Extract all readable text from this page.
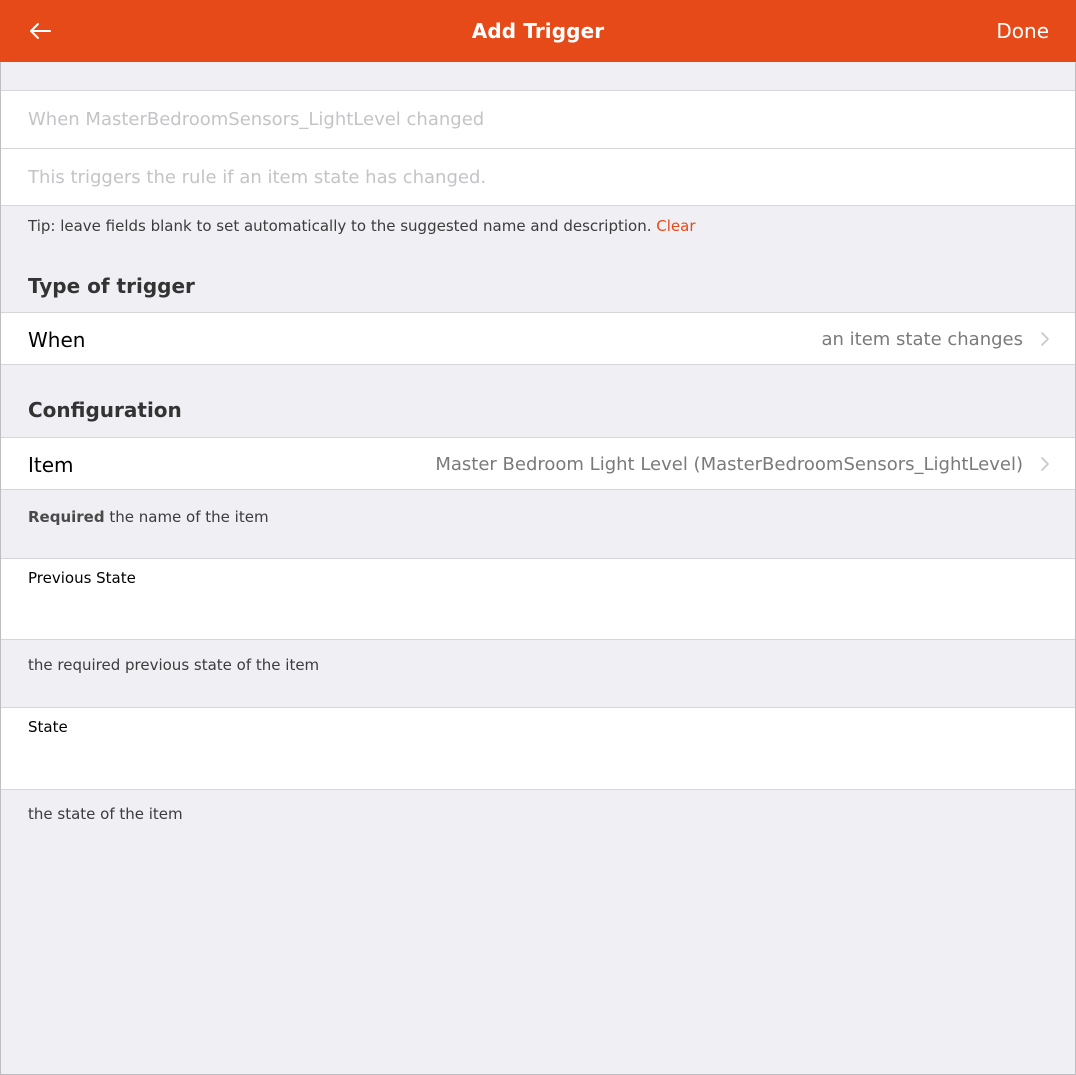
Add Trigger	Done
When MasterBedroomSensors_LightLevel changed
This triggers the rule if an item state has changed.
Tip: leave fields blank to set automatically to the suggested name and description. Clear
Type of trigger
When	an item state changes
Configuration
Item	Master Bedroom Light Level (MasterBedroomSensors_LightLevel)
Required the name of the item
Previous State
the required previous state of the item
State
the state of the item
